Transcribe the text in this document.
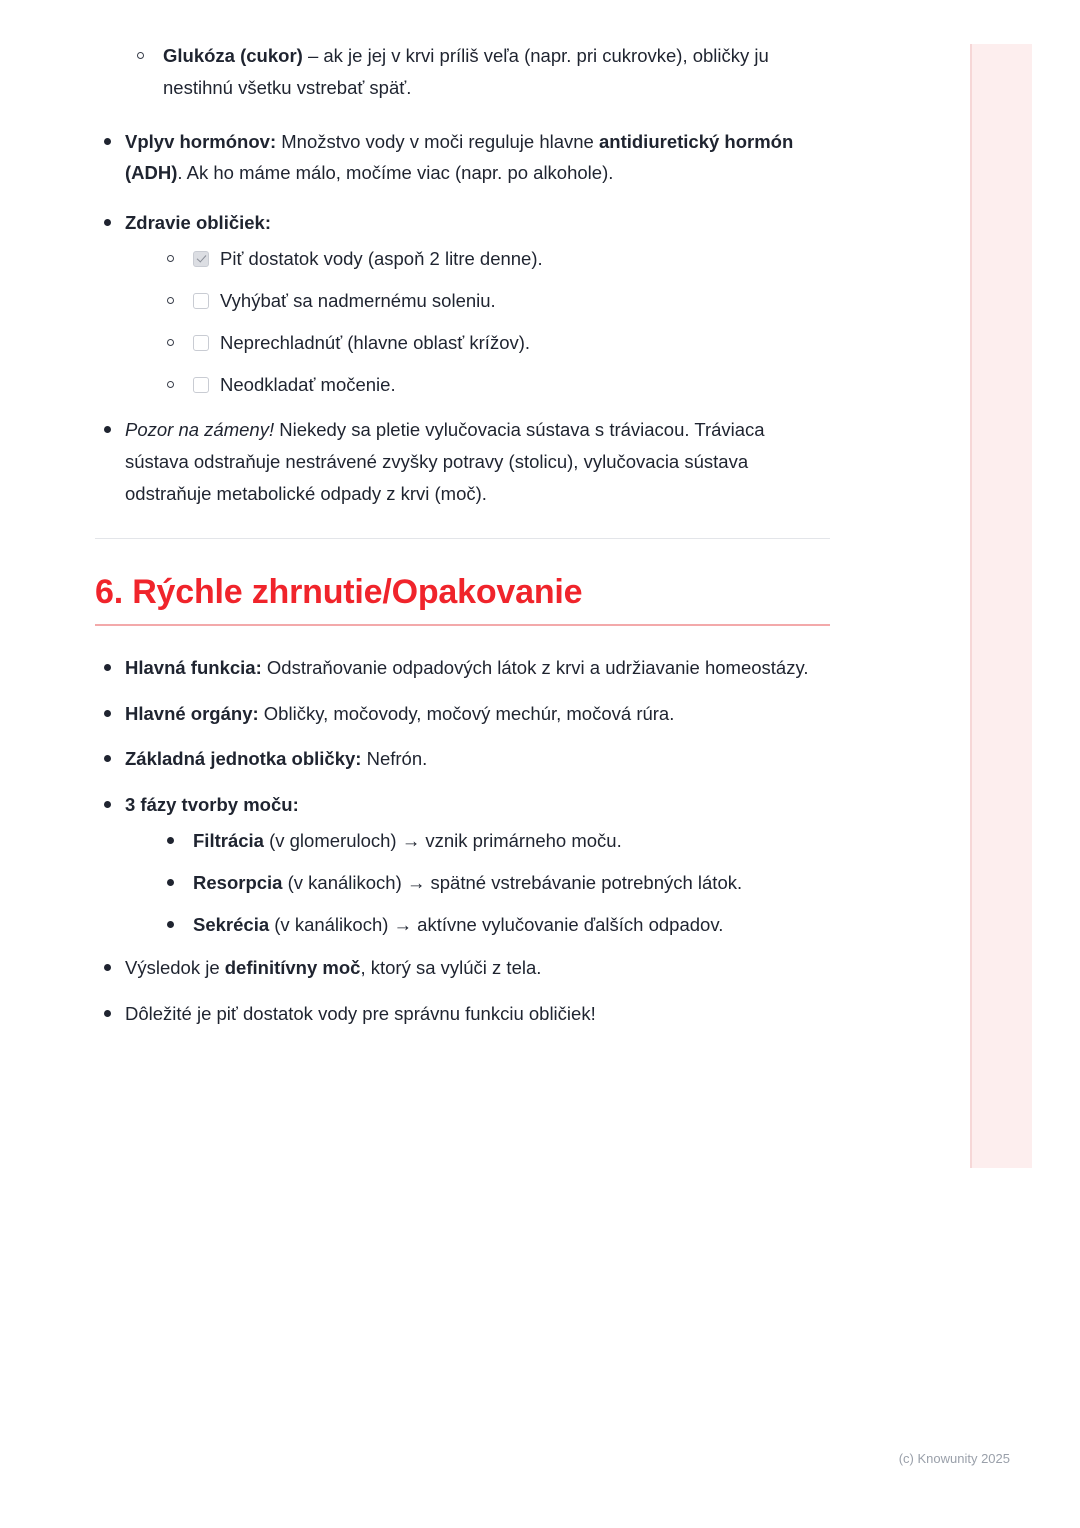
Glukóza (cukor) – ak je jej v krvi príliš veľa (napr. pri cukrovke), obličky ju nestihnú všetku vstrebať späť.
Vplyv hormónov: Množstvo vody v moči reguluje hlavne antidiuretický hormón (ADH). Ak ho máme málo, močíme viac (napr. po alkohole).
Zdravie obličiek:
Piť dostatok vody (aspoň 2 litre denne).
Vyhýbať sa nadmernému soleniu.
Neprechladnúť (hlavne oblasť krížov).
Neodkladať močenie.
Pozor na zámeny! Niekedy sa pletie vylučovacia sústava s tráviacou. Tráviaca sústava odstraňuje nestrávené zvyšky potravy (stolicu), vylučovacia sústava odstraňuje metabolické odpady z krvi (moč).
6. Rýchle zhrnutie/Opakovanie
Hlavná funkcia: Odstraňovanie odpadových látok z krvi a udržiavanie homeostázy.
Hlavné orgány: Obličky, močovody, močový mechúr, močová rúra.
Základná jednotka obličky: Nefrón.
3 fázy tvorby moču:
Filtrácia (v glomeruloch) → vznik primárneho moču.
Resorpcia (v kanálikoch) → spätné vstrebávanie potrebných látok.
Sekrécia (v kanálikoch) → aktívne vylučovanie ďalších odpadov.
Výsledok je definitívny moč, ktorý sa vylúči z tela.
Dôležité je piť dostatok vody pre správnu funkciu obličiek!
(c) Knowunity 2025
